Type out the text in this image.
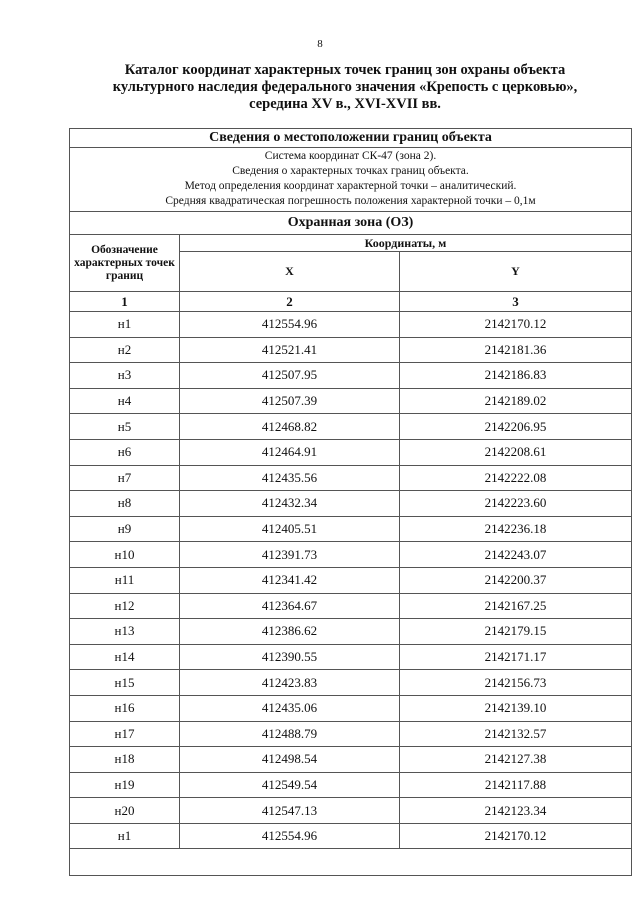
8
Каталог координат характерных точек границ зон охраны объекта
культурного наследия федерального значения «Крепость с церковью»,
середина XV в., XVI-XVII вв.
Сведения о местоположении границ объекта		

Система координат СК-47 (зона 2).
Сведения о характерных точках границ объекта.
Метод определения координат характерной точки – аналитический.
Средняя квадратическая погрешность положения характерной точки – 0,1м		

Охранная зона (ОЗ)		
Обозначение характерных точек границ	Координаты, м	
	X	Y
1	2	3
н1	412554.96	2142170.12
н2	412521.41	2142181.36
н3	412507.95	2142186.83
н4	412507.39	2142189.02
н5	412468.82	2142206.95
н6	412464.91	2142208.61
н7	412435.56	2142222.08
н8	412432.34	2142223.60
н9	412405.51	2142236.18
н10	412391.73	2142243.07
н11	412341.42	2142200.37
н12	412364.67	2142167.25
н13	412386.62	2142179.15
н14	412390.55	2142171.17
н15	412423.83	2142156.73
н16	412435.06	2142139.10
н17	412488.79	2142132.57
н18	412498.54	2142127.38
н19	412549.54	2142117.88
н20	412547.13	2142123.34
н1	412554.96	2142170.12
